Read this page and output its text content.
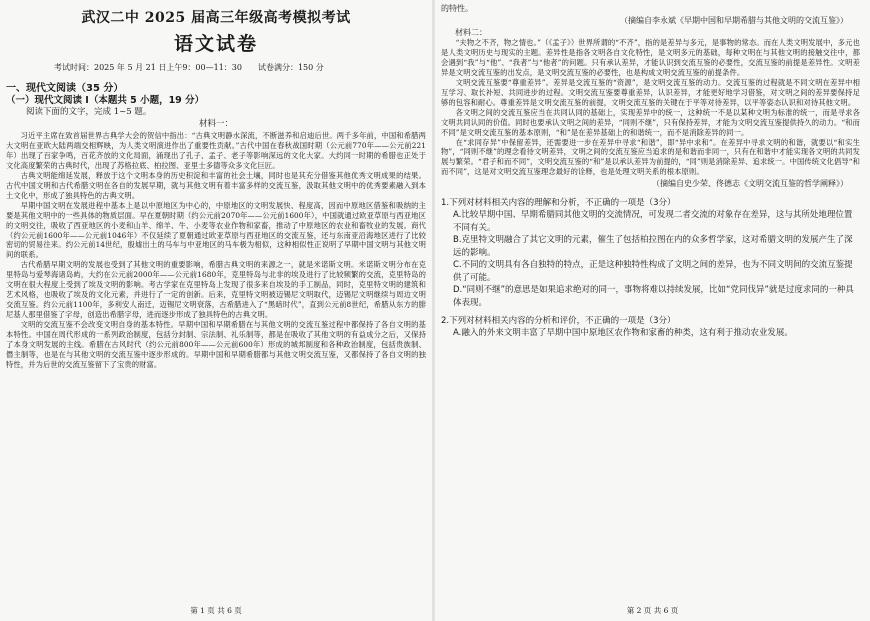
武汉二中 2025 届高三年级高考模拟考试
语文试卷
考试时间：2025 年 5 月 21 日上午9：00—11：30　　试卷满分：150 分
一、现代文阅读（35 分）
（一）现代文阅读 I（本题共 5 小题，19 分）
阅读下面的文字，完成 1~5 题。
材料一：

习近平主席在致首届世界古典学大会的贺信中指出：“古典文明静水深流，不断滋养和启迪后世。两千多年前，中国和希腊两大文明在亚欧大陆两端交相辉映，为人类文明演进作出了重要性贡献。”古代中国在春秋战国时期（公元前770年——公元前221年）出现了百家争鸣，百花齐放的文化局面，涌现出了孔子、孟子、老子等影响深远的文化大家。大约同一时期的希腊也正处于文化高度繁荣的古典时代，出现了苏格拉底、柏拉图、亚里士多德等众多文化巨匠。

古典文明能绵延发展，释放于这个文明本身的历史积淀和丰富的社会土壤，同时也是其充分借鉴其他优秀文明成果的结果。古代中国文明和古代希腊文明在各自的发展早期，就与其他文明有着丰富多样的交流互鉴，汲取其他文明中的优秀要素融入到本土文化中，形成了独具特色的古典文明。

早期中国文明在发展进程中基本上是以中原地区为中心的，中原地区的文明发展快、程度高，因而中原地区借鉴和吸纳的主要是其他文明中的一些具体的物质层面。早在夏朝时期（约公元前2070年——公元前1600年），中国就通过欧亚草原与西亚地区的文明交往，吸收了西亚地区的小麦和山羊、绵羊、牛、小麦等农业作物和家畜，推动了中原地区的农业和畜牧业的发展。商代（约公元前1600年——公元前1046年）不仅延续了夏朝通过欧亚草原与西亚地区的交流互鉴，还与东南亚沿海地区进行了比较密切的贸易往来。约公元前14世纪，殷墟出土的马车与中亚地区的马车极为相似，这种相似性正说明了早期中国文明与其他文明间的联系。

古代希腊早期文明的发展也受到了其他文明的重要影响，希腊古典文明的来源之一，就是米诺斯文明。米诺斯文明分布在克里特岛与爱琴海诸岛屿，大约在公元前2000年——公元前1680年，克里特岛与北非的埃及进行了比较频繁的交流，克里特岛的文明在很大程度上受到了埃及文明的影响。考古学家在克里特岛上发现了很多来自埃及的手工制品，同时，克里特文明的建筑和艺术风格，也吸收了埃及的文化元素，并进行了一定的创新。后来，克里特文明被迈锡尼文明取代，迈锡尼文明继续与周边文明交流互鉴。约公元前1100年，多利安人南迁，迈锡尼文明衰落，古希腊进入了“黑暗时代”，直到公元前8世纪，希腊从东方的腓尼基人那里借鉴了字母，创造出希腊字母，进而逐步形成了独具特色的古典文明。

文明的交流互鉴不会改变文明自身的基本特性。早期中国和早期希腊在与其他文明的交流互鉴过程中都保持了各自文明的基本特性。中国在周代形成的一系列政治制度，包括分封制、宗法制、礼乐制等，都是在吸收了其他文明的有益成分之后，又保持了本身文明发展的主线。希腊在古风时代（约公元前800年——公元前600年）形成的城邦制度和各种政治制度，包括贵族制、僭主制等，也是在与其他文明的交流互鉴中逐步形成的。早期中国和早期希腊都与其他文明交流互鉴，又都保持了各自文明的独特性，并为后世的交流互鉴留下了宝贵的财富。

第 1 页 共 6 页

的特性。

（摘编自李永斌《早期中国和早期希腊与其他文明的交流互鉴》）
材料二：

“夫物之不齐，物之情也。”（《孟子》）世界所谓的“不齐”，指的是差异与多元，是事物的常态。而在人类文明发展中，多元也是人类文明历史与现实的主题。差异性是指各文明各自文化特性，是文明多元的基础，每种文明在与其他文明的接触交往中，都会遇到“我”与“他”、“我者”与“他者”的问题。只有承认差异，才能认识到交流互鉴的必要性，交流互鉴的前提是差异性。文明差异是文明交流互鉴的出发点，是文明交流互鉴的必要性，也是构成文明交流互鉴的前提条件。

文明交流互鉴要“尊重差异”。差异是交流互鉴的“资源”，是文明交流互鉴的动力。交流互鉴的过程就是不同文明在差异中相互学习、取长补短、共同进步的过程。文明交流互鉴要尊重差异，认识差异，才能更好地学习借鉴，对文明之间的差异要保持足够的包容和耐心。尊重差异是文明交流互鉴的前提，文明交流互鉴的关键在于平等对待差异，以平等姿态认识和对待其他文明。

各文明之间的交流互鉴应当在共同认同的基础上，实现差异中的统一，这种统一不是以某种文明为标准的统一，而是寻求各文明共同认同的价值。同时也要承认文明之间的差异，“同则不继”，只有保持差异，才能为文明交流互鉴提供持久的动力。“和而不同”是文明交流互鉴的基本原则，“和”是在差异基础上的和谐统一，而不是消除差异的同一。

在“求同存异”中保留差异，还需要进一步在差异中寻求“和谐”，即“异中求和”。在差异中寻求文明的和谐，就要以“和实生物”，“同则不继”的理念看待文明差异，文明之间的交流互鉴应当追求的是和谐而非同一，只有在和谐中才能实现各文明的共同发展与繁荣。“君子和而不同”，文明交流互鉴的“和”是以承认差异为前提的，“同”则是消除差异、追求统一。中国传统文化倡导“和而不同”，这是对文明交流互鉴理念最好的诠释，也是处理文明关系的根本原则。

（摘编自史少荣、佟德志《文明交流互鉴的哲学阐释》）

1.下列对材料相关内容的理解和分析，不正确的一项是（3分）

A.比较早期中国、早期希腊同其他文明的交流情况，可发现二者交流的对象存在差异，这与其所处地理位置不同有关。

B.克里特文明融合了其它文明的元素，催生了包括柏拉图在内的众多哲学家，这对希腊文明的发展产生了深远的影响。

C.不同的文明具有各自独特的特点，正是这种独特性构成了文明之间的差异，也为不同文明间的交流互鉴提供了可能。

D.“同则不继”的意思是如果追求绝对的同一，事物将难以持续发展，比如“党同伐异”就是过度求同的一种具体表现。

2.下列对材料相关内容的分析和评价，不正确的一项是（3分）

A.融入的外来文明丰富了早期中国中原地区农作物和家畜的种类，这有利于推动农业发展。

第 2 页 共 6 页
